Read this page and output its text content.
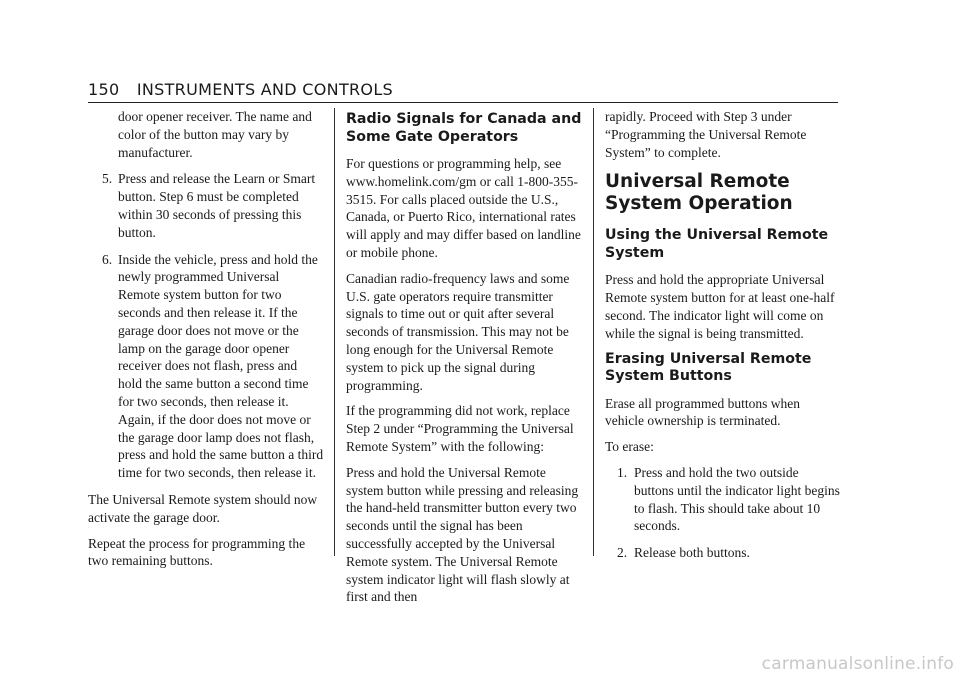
150 INSTRUMENTS AND CONTROLS

door opener receiver. The name and color of the button may vary by manufacturer.

5. Press and release the Learn or Smart button. Step 6 must be completed within 30 seconds of pressing this button.
6. Inside the vehicle, press and hold the newly programmed Universal Remote system button for two seconds and then release it. If the garage door does not move or the lamp on the garage door opener receiver does not flash, press and hold the same button a second time for two seconds, then release it. Again, if the door does not move or the garage door lamp does not flash, press and hold the same button a third time for two seconds, then release it.

The Universal Remote system should now activate the garage door.

Repeat the process for programming the two remaining buttons.

Radio Signals for Canada and Some Gate Operators

For questions or programming help, see www.homelink.com/gm or call 1-800-355-3515. For calls placed outside the U.S., Canada, or Puerto Rico, international rates will apply and may differ based on landline or mobile phone.

Canadian radio-frequency laws and some U.S. gate operators require transmitter signals to time out or quit after several seconds of transmission. This may not be long enough for the Universal Remote system to pick up the signal during programming.

If the programming did not work, replace Step 2 under “Programming the Universal Remote System” with the following:

Press and hold the Universal Remote system button while pressing and releasing the hand-held transmitter button every two seconds until the signal has been successfully accepted by the Universal Remote system. The Universal Remote system indicator light will flash slowly at first and then

rapidly. Proceed with Step 3 under “Programming the Universal Remote System” to complete.

Universal Remote System Operation
Using the Universal Remote System

Press and hold the appropriate Universal Remote system button for at least one-half second. The indicator light will come on while the signal is being transmitted.

Erasing Universal Remote System Buttons

Erase all programmed buttons when vehicle ownership is terminated.

To erase:

1. Press and hold the two outside buttons until the indicator light begins to flash. This should take about 10 seconds.
2. Release both buttons.
carmanualsonline.info
